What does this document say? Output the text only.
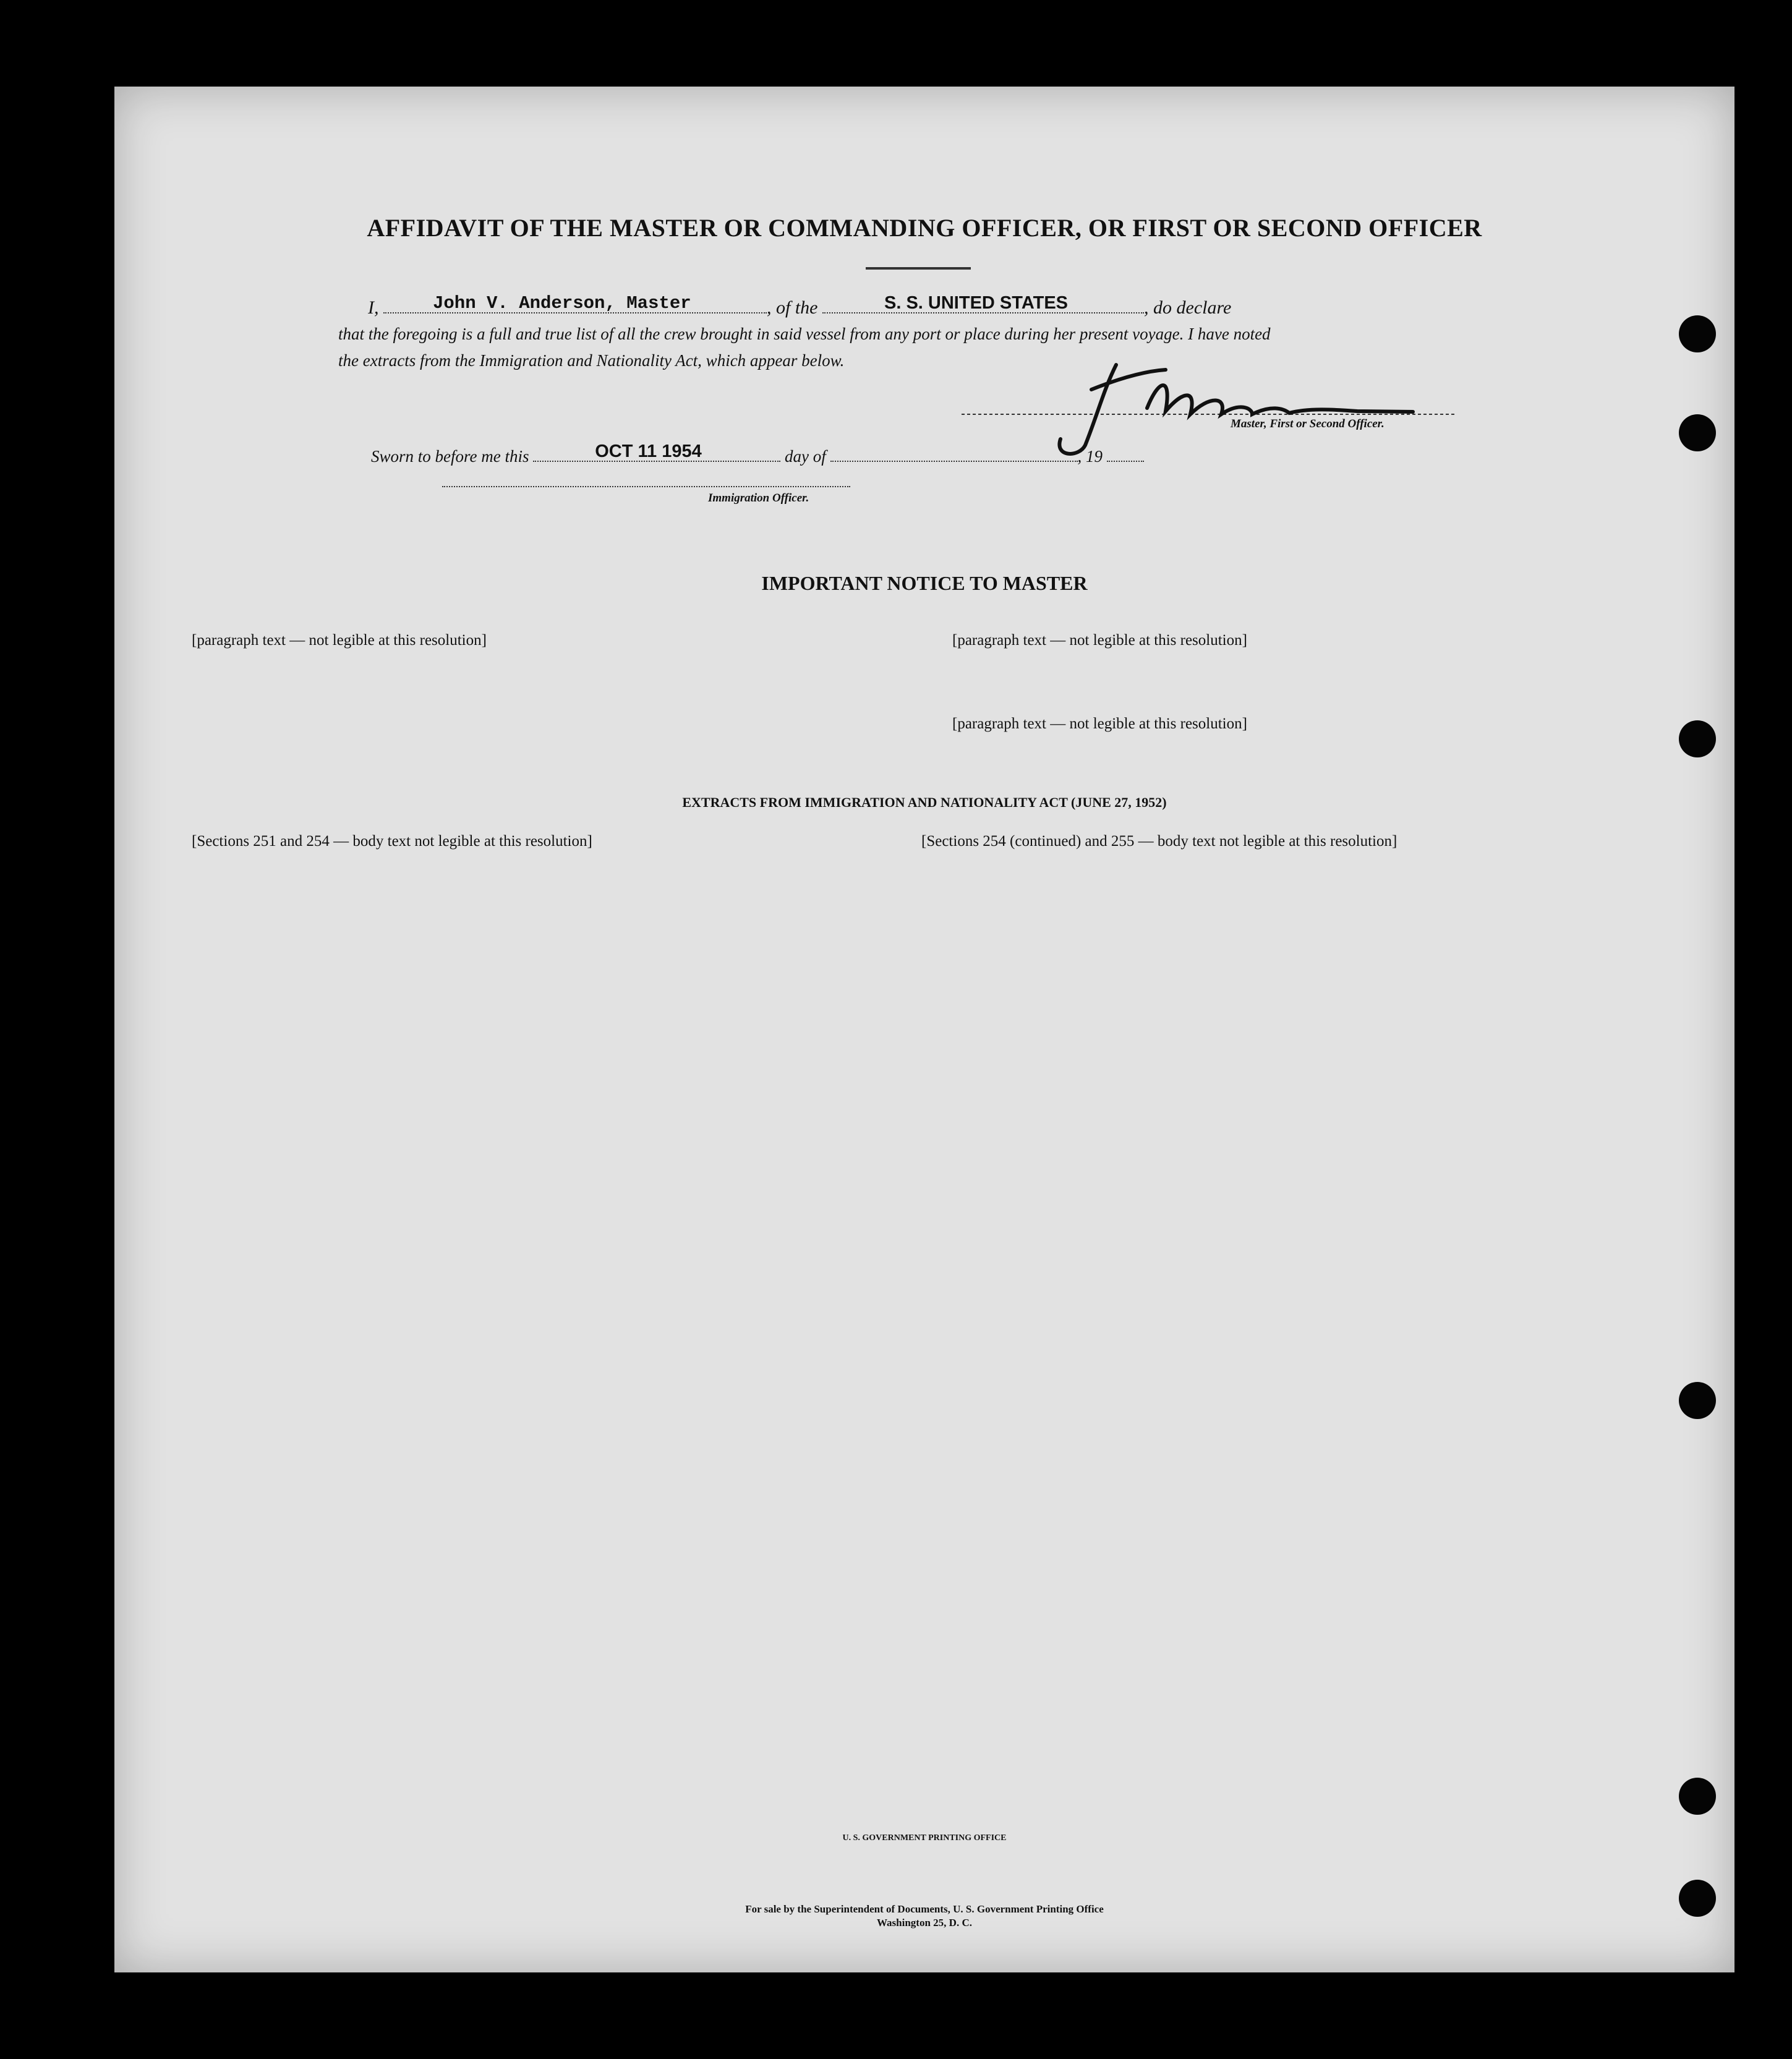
AFFIDAVIT OF THE MASTER OR COMMANDING OFFICER, OR FIRST OR SECOND OFFICER
I,	John V. Anderson, Master	, of the	S. S. UNITED STATES	, do declare
that the foregoing is a full and true list of all the crew brought in said vessel from any port or place during her present voyage. I have noted
the extracts from the Immigration and Nationality Act, which appear below.
Master, First or Second Officer.
Sworn to before me this	OCT 11 1954	day of	, 19
Immigration Officer.
IMPORTANT NOTICE TO MASTER
[paragraph text — not legible at this resolution]	[paragraph text — not legible at this resolution]
[paragraph text — not legible at this resolution]
EXTRACTS FROM IMMIGRATION AND NATIONALITY ACT (JUNE 27, 1952)
[Sections 251 and 254 — body text not legible at this resolution]	[Sections 254 (continued) and 255 — body text not legible at this resolution]
U. S. GOVERNMENT PRINTING OFFICE
For sale by the Superintendent of Documents, U. S. Government Printing Office
Washington 25, D. C.
